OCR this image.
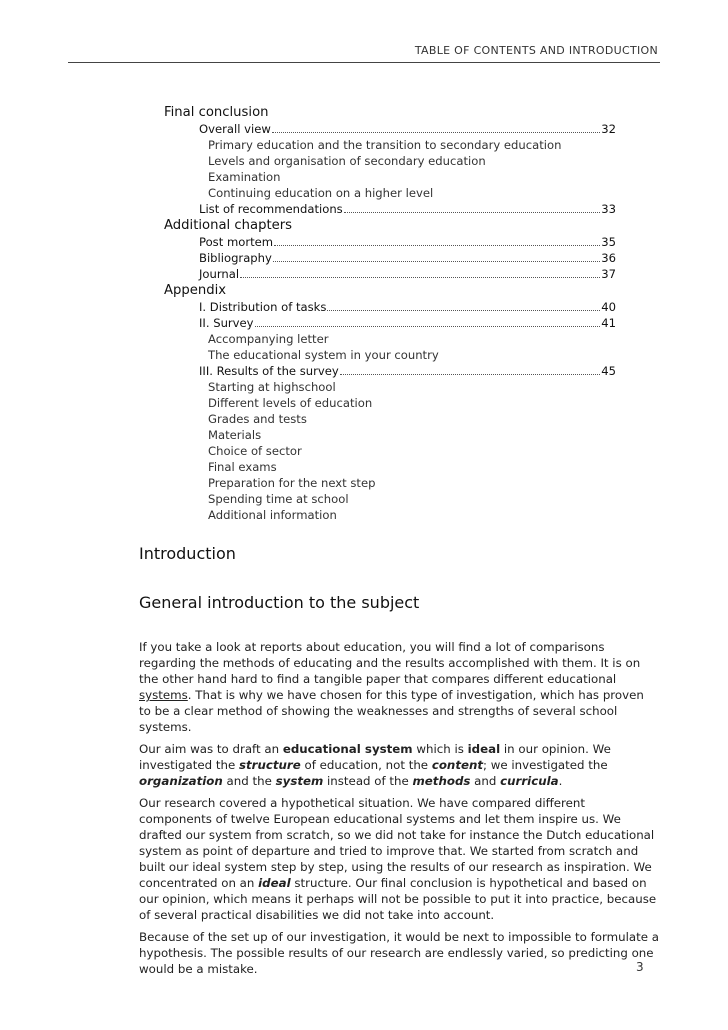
TABLE OF CONTENTS AND INTRODUCTION
Final conclusion
Overall view	32
Primary education and the transition to secondary education
Levels and organisation of secondary education
Examination
Continuing education on a higher level
List of recommendations	33
Additional chapters
Post mortem	35
Bibliography	36
Journal	37
Appendix
I. Distribution of tasks	40
II. Survey	41
Accompanying letter
The educational system in your country
III. Results of the survey	45
Starting at highschool
Different levels of education
Grades and tests
Materials
Choice of sector
Final exams
Preparation for the next step
Spending time at school
Additional information
Introduction
General introduction to the subject

If you take a look at reports about education, you will find a lot of comparisons regarding the methods of educating and the results accomplished with them. It is on the other hand hard to find a tangible paper that compares different educational systems. That is why we have chosen for this type of investigation, which has proven to be a clear method of showing the weaknesses and strengths of several school systems.

Our aim was to draft an educational system which is ideal in our opinion. We investigated the structure of education, not the content; we investigated the organization and the system instead of the methods and curricula.

Our research covered a hypothetical situation. We have compared different components of twelve European educational systems and let them inspire us. We drafted our system from scratch, so we did not take for instance the Dutch educational system as point of departure and tried to improve that. We started from scratch and built our ideal system step by step, using the results of our research as inspiration. We concentrated on an ideal structure. Our final conclusion is hypothetical and based on our opinion, which means it perhaps will not be possible to put it into practice, because of several practical disabilities we did not take into account.

Because of the set up of our investigation, it would be next to impossible to formulate a hypothesis. The possible results of our research are endlessly varied, so predicting one would be a mistake.	3
